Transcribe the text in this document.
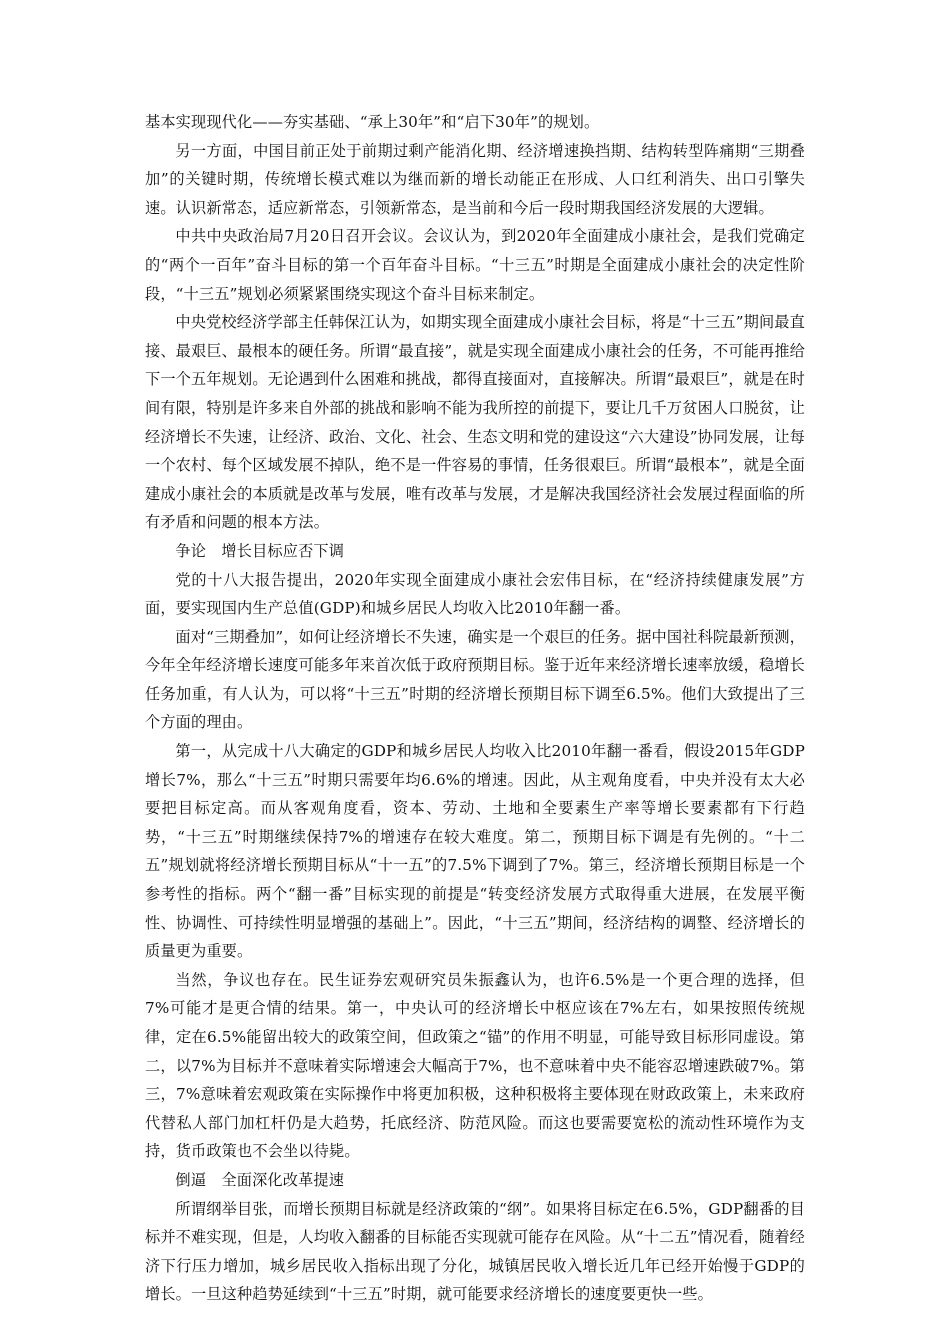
基本实现现代化——夯实基础、“承上30年”和“启下30年”的规划。

另一方面，中国目前正处于前期过剩产能消化期、经济增速换挡期、结构转型阵痛期“三期叠加”的关键时期，传统增长模式难以为继而新的增长动能正在形成、人口红利消失、出口引擎失速。认识新常态，适应新常态，引领新常态，是当前和今后一段时期我国经济发展的大逻辑。

中共中央政治局7月20日召开会议。会议认为，到2020年全面建成小康社会，是我们党确定的“两个一百年”奋斗目标的第一个百年奋斗目标。“十三五”时期是全面建成小康社会的决定性阶段，“十三五”规划必须紧紧围绕实现这个奋斗目标来制定。

中央党校经济学部主任韩保江认为，如期实现全面建成小康社会目标，将是“十三五”期间最直接、最艰巨、最根本的硬任务。所谓“最直接”，就是实现全面建成小康社会的任务，不可能再推给下一个五年规划。无论遇到什么困难和挑战，都得直接面对，直接解决。所谓“最艰巨”，就是在时间有限，特别是许多来自外部的挑战和影响不能为我所控的前提下，要让几千万贫困人口脱贫，让经济增长不失速，让经济、政治、文化、社会、生态文明和党的建设这“六大建设”协同发展，让每一个农村、每个区域发展不掉队，绝不是一件容易的事情，任务很艰巨。所谓“最根本”，就是全面建成小康社会的本质就是改革与发展，唯有改革与发展，才是解决我国经济社会发展过程面临的所有矛盾和问题的根本方法。

争论　增长目标应否下调

党的十八大报告提出，2020年实现全面建成小康社会宏伟目标，在“经济持续健康发展”方面，要实现国内生产总值(GDP)和城乡居民人均收入比2010年翻一番。

面对“三期叠加”，如何让经济增长不失速，确实是一个艰巨的任务。据中国社科院最新预测，今年全年经济增长速度可能多年来首次低于政府预期目标。鉴于近年来经济增长速率放缓，稳增长任务加重，有人认为，可以将“十三五”时期的经济增长预期目标下调至6.5%。他们大致提出了三个方面的理由。

第一，从完成十八大确定的GDP和城乡居民人均收入比2010年翻一番看，假设2015年GDP增长7%，那么“十三五”时期只需要年均6.6%的增速。因此，从主观角度看，中央并没有太大必要把目标定高。而从客观角度看，资本、劳动、土地和全要素生产率等增长要素都有下行趋势，“十三五”时期继续保持7%的增速存在较大难度。第二，预期目标下调是有先例的。“十二五”规划就将经济增长预期目标从“十一五”的7.5%下调到了7%。第三，经济增长预期目标是一个参考性的指标。两个“翻一番”目标实现的前提是“转变经济发展方式取得重大进展，在发展平衡性、协调性、可持续性明显增强的基础上”。因此，“十三五”期间，经济结构的调整、经济增长的质量更为重要。

当然，争议也存在。民生证券宏观研究员朱振鑫认为，也许6.5%是一个更合理的选择，但7%可能才是更合情的结果。第一，中央认可的经济增长中枢应该在7%左右，如果按照传统规律，定在6.5%能留出较大的政策空间，但政策之“锚”的作用不明显，可能导致目标形同虚设。第二，以7%为目标并不意味着实际增速会大幅高于7%，也不意味着中央不能容忍增速跌破7%。第三，7%意味着宏观政策在实际操作中将更加积极，这种积极将主要体现在财政政策上，未来政府代替私人部门加杠杆仍是大趋势，托底经济、防范风险。而这也要需要宽松的流动性环境作为支持，货币政策也不会坐以待毙。

倒逼　全面深化改革提速

所谓纲举目张，而增长预期目标就是经济政策的“纲”。如果将目标定在6.5%，GDP翻番的目标并不难实现，但是，人均收入翻番的目标能否实现就可能存在风险。从“十二五”情况看，随着经济下行压力增加，城乡居民收入指标出现了分化，城镇居民收入增长近几年已经开始慢于GDP的增长。一旦这种趋势延续到“十三五”时期，就可能要求经济增长的速度要更快一些。
